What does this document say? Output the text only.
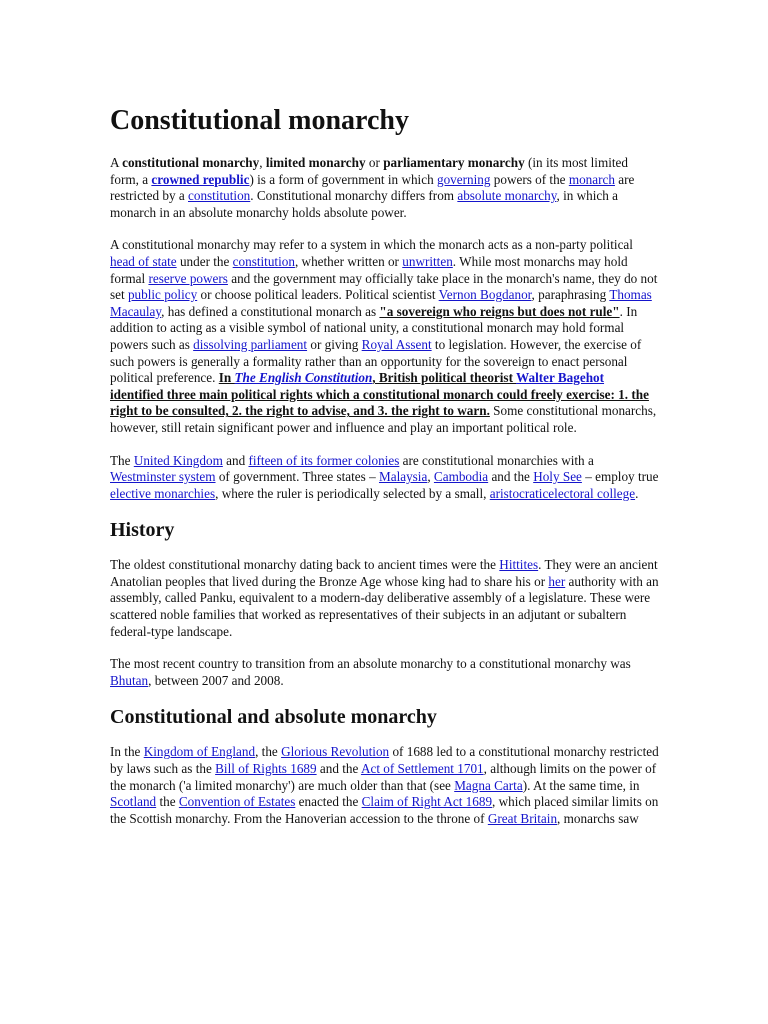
Constitutional monarchy

A constitutional monarchy, limited monarchy or parliamentary monarchy (in its most limited form, a crowned republic) is a form of government in which governing powers of the monarch are restricted by a constitution. Constitutional monarchy differs from absolute monarchy, in which a monarch in an absolute monarchy holds absolute power.

A constitutional monarchy may refer to a system in which the monarch acts as a non-party political head of state under the constitution, whether written or unwritten. While most monarchs may hold formal reserve powers and the government may officially take place in the monarch's name, they do not set public policy or choose political leaders. Political scientist Vernon Bogdanor, paraphrasing Thomas Macaulay, has defined a constitutional monarch as "a sovereign who reigns but does not rule". In addition to acting as a visible symbol of national unity, a constitutional monarch may hold formal powers such as dissolving parliament or giving Royal Assent to legislation. However, the exercise of such powers is generally a formality rather than an opportunity for the sovereign to enact personal political preference. In The English Constitution, British political theorist Walter Bagehot identified three main political rights which a constitutional monarch could freely exercise: 1. the right to be consulted, 2. the right to advise, and 3. the right to warn. Some constitutional monarchs, however, still retain significant power and influence and play an important political role.

The United Kingdom and fifteen of its former colonies are constitutional monarchies with a Westminster system of government. Three states – Malaysia, Cambodia and the Holy See – employ true elective monarchies, where the ruler is periodically selected by a small, aristocraticelectoral college.

History

The oldest constitutional monarchy dating back to ancient times were the Hittites. They were an ancient Anatolian peoples that lived during the Bronze Age whose king had to share his or her authority with an assembly, called Panku, equivalent to a modern-day deliberative assembly of a legislature. These were scattered noble families that worked as representatives of their subjects in an adjutant or subaltern federal-type landscape.

The most recent country to transition from an absolute monarchy to a constitutional monarchy was Bhutan, between 2007 and 2008.

Constitutional and absolute monarchy

In the Kingdom of England, the Glorious Revolution of 1688 led to a constitutional monarchy restricted by laws such as the Bill of Rights 1689 and the Act of Settlement 1701, although limits on the power of the monarch ('a limited monarchy') are much older than that (see Magna Carta). At the same time, in Scotland the Convention of Estates enacted the Claim of Right Act 1689, which placed similar limits on the Scottish monarchy. From the Hanoverian accession to the throne of Great Britain, monarchs saw
